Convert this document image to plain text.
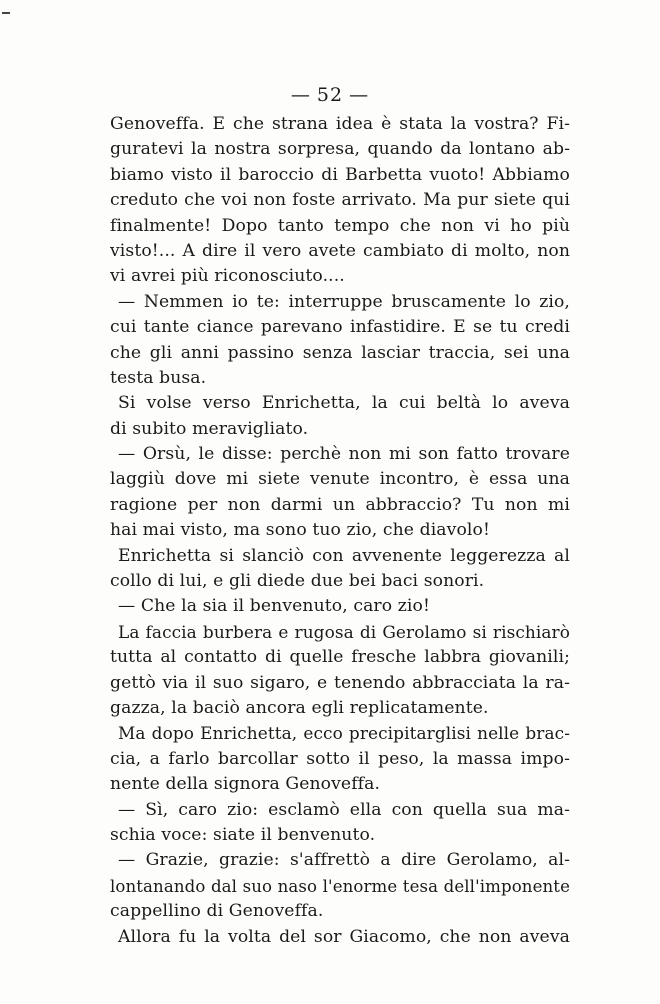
— 52 —
Genoveffa. E che strana idea è stata la vostra? Fi-
guratevi la nostra sorpresa, quando da lontano ab-
biamo visto il baroccio di Barbetta vuoto! Abbiamo
creduto che voi non foste arrivato. Ma pur siete qui
finalmente! Dopo tanto tempo che non vi ho più
visto!... A dire il vero avete cambiato di molto, non
vi avrei più riconosciuto....
— Nemmen io te: interruppe bruscamente lo zio,
cui tante ciance parevano infastidire. E se tu credi
che gli anni passino senza lasciar traccia, sei una
testa busa.
Si volse verso Enrichetta, la cui beltà lo aveva
di subito meravigliato.
— Orsù, le disse: perchè non mi son fatto trovare
laggiù dove mi siete venute incontro, è essa una
ragione per non darmi un abbraccio? Tu non mi
hai mai visto, ma sono tuo zio, che diavolo!
Enrichetta si slanciò con avvenente leggerezza al
collo di lui, e gli diede due bei baci sonori.
— Che la sia il benvenuto, caro zio!
La faccia burbera e rugosa di Gerolamo si rischiarò
tutta al contatto di quelle fresche labbra giovanili;
gettò via il suo sigaro, e tenendo abbracciata la ra-
gazza, la baciò ancora egli replicatamente.
Ma dopo Enrichetta, ecco precipitarglisi nelle brac-
cia, a farlo barcollar sotto il peso, la massa impo-
nente della signora Genoveffa.
— Sì, caro zio: esclamò ella con quella sua ma-
schia voce: siate il benvenuto.
— Grazie, grazie: s'affrettò a dire Gerolamo, al-
lontanando dal suo naso l'enorme tesa dell'imponente
cappellino di Genoveffa.
Allora fu la volta del sor Giacomo, che non aveva
